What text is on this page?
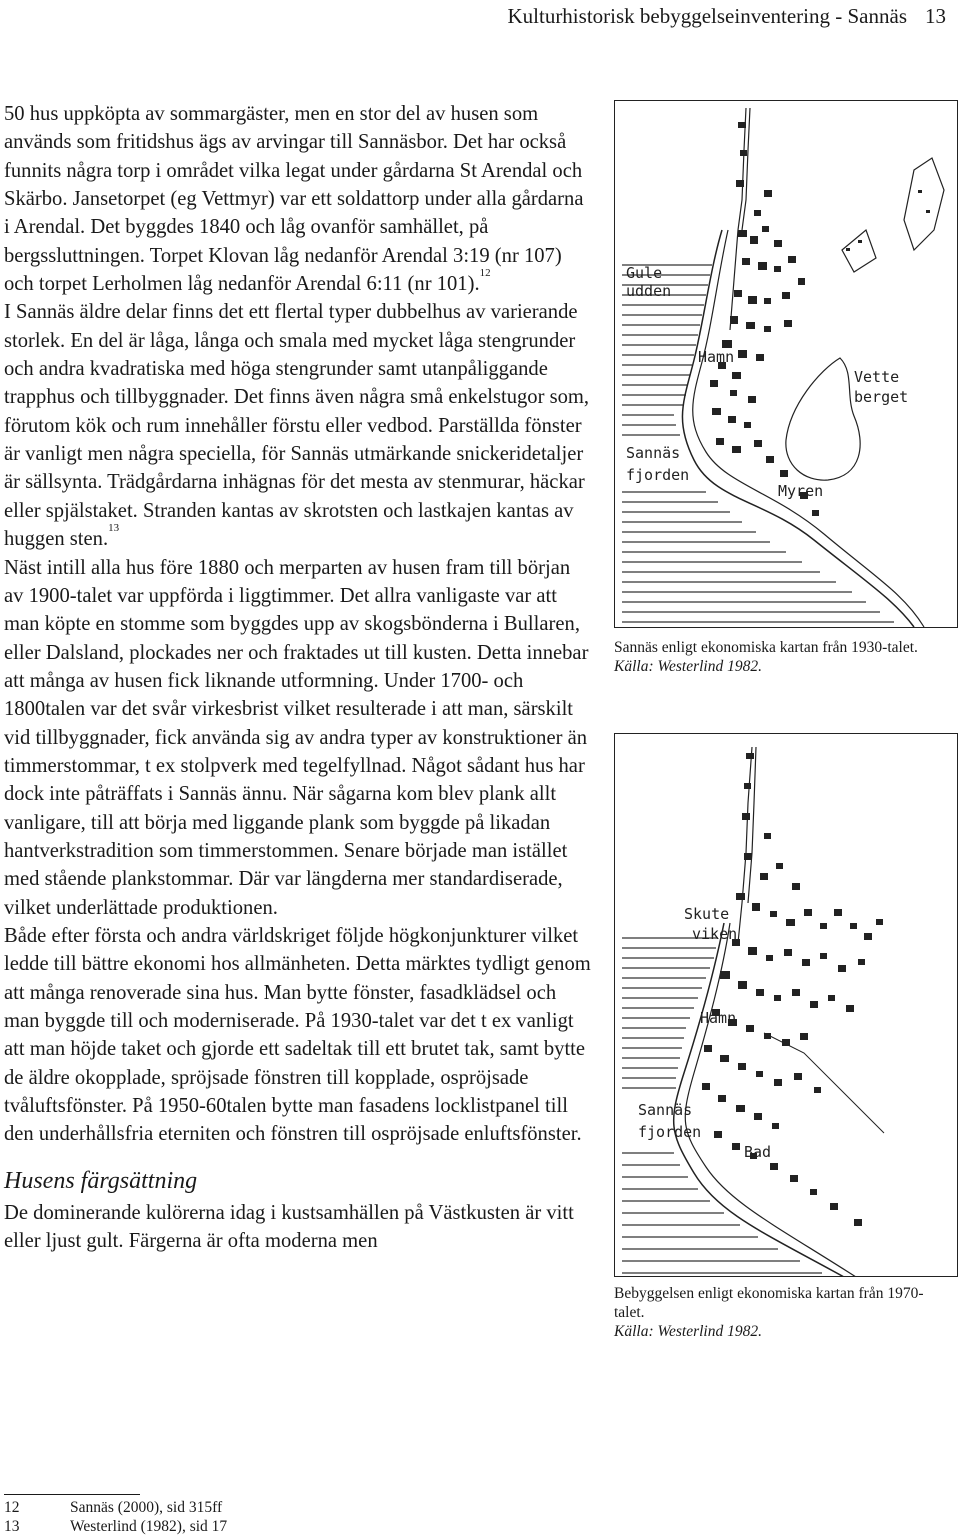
Kulturhistorisk bebyggelseinventering - Sannäs 13

50 hus uppköpta av sommargäster, men en stor del av husen som används som fritidshus ägs av arvingar till Sannäsbor. Det har också funnits några torp i området vilka legat under gårdarna St Arendal och Skärbo. Jansetorpet (eg Vettmyr) var ett soldattorp under alla gårdarna i Arendal. Det byggdes 1840 och låg ovanför samhället, på bergssluttningen. Torpet Klovan låg nedanför Arendal 3:19 (nr 107) och torpet Lerholmen låg nedanför Arendal 6:11 (nr 101).$^{12}$

I Sannäs äldre delar finns det ett flertal typer dubbelhus av varierande storlek. En del är låga, långa och smala med mycket låga stengrunder och andra kvadratiska med höga stengrunder samt utanpåliggande trapphus och tillbyggnader. Det finns även några små enkelstugor som, förutom kök och rum innehåller förstu eller vedbod. Parställda fönster är vanligt men några speciella, för Sannäs utmärkande snickeridetaljer är sällsynta. Trädgårdarna inhägnas för det mesta av stenmurar, häckar eller spjälstaket. Stranden kantas av skrotsten och lastkajen kantas av huggen sten.$^{13}$

Näst intill alla hus före 1880 och merparten av husen fram till början av 1900-talet var uppförda i liggtimmer. Det allra vanligaste var att man köpte en stomme som byggdes upp av skogsbönderna i Bullaren, eller Dalsland, plockades ner och fraktades ut till kusten. Detta innebar att många av husen fick liknande utformning. Under 1700- och 1800talen var det svår virkesbrist vilket resulterade i att man, särskilt vid tillbyggnader, fick använda sig av andra typer av konstruktioner än timmerstommar, t ex stolpverk med tegelfyllnad. Något sådant hus har dock inte påträffats i Sannäs ännu. När sågarna kom blev plank allt vanligare, till att börja med liggande plank som byggde på likadan hantverkstradition som timmerstommen. Senare började man istället med stående plankstommar. Där var längderna mer standardiserade, vilket underlättade produktionen.

Både efter första och andra världskriget följde högkonjunkturer vilket ledde till bättre ekonomi hos allmänheten. Detta märktes tydligt genom att många renoverade sina hus. Man bytte fönster, fasadklädsel och man byggde till och moderniserade. På 1930-talet var det t ex vanligt att man höjde taket och gjorde ett sadeltak till ett brutet tak, samt bytte de äldre okopplade, spröjsade fönstren till kopplade, ospröjsade tvåluftsfönster. På 1950-60talen bytte man fasadens locklistpanel till den underhållsfria eterniten och fönstren till ospröjsade enluftsfönster.

Husens färgsättning

De dominerande kulörerna idag i kustsamhällen på Västkusten är vitt eller ljust gult. Färgerna är ofta moderna men

Gule
udden
Hamn
Vette
berget
Sannäs
fjorden
Myren
Sannäs enligt ekonomiska kartan från 1930-talet.
Källa: Westerlind 1982.
Skute
viken
Hamn
Sannäs
fjorden
Bad
Bebyggelsen enligt ekonomiska kartan från 1970-talet.
Källa: Westerlind 1982.
12	Sannäs (2000), sid 315ff
13	Westerlind (1982), sid 17
